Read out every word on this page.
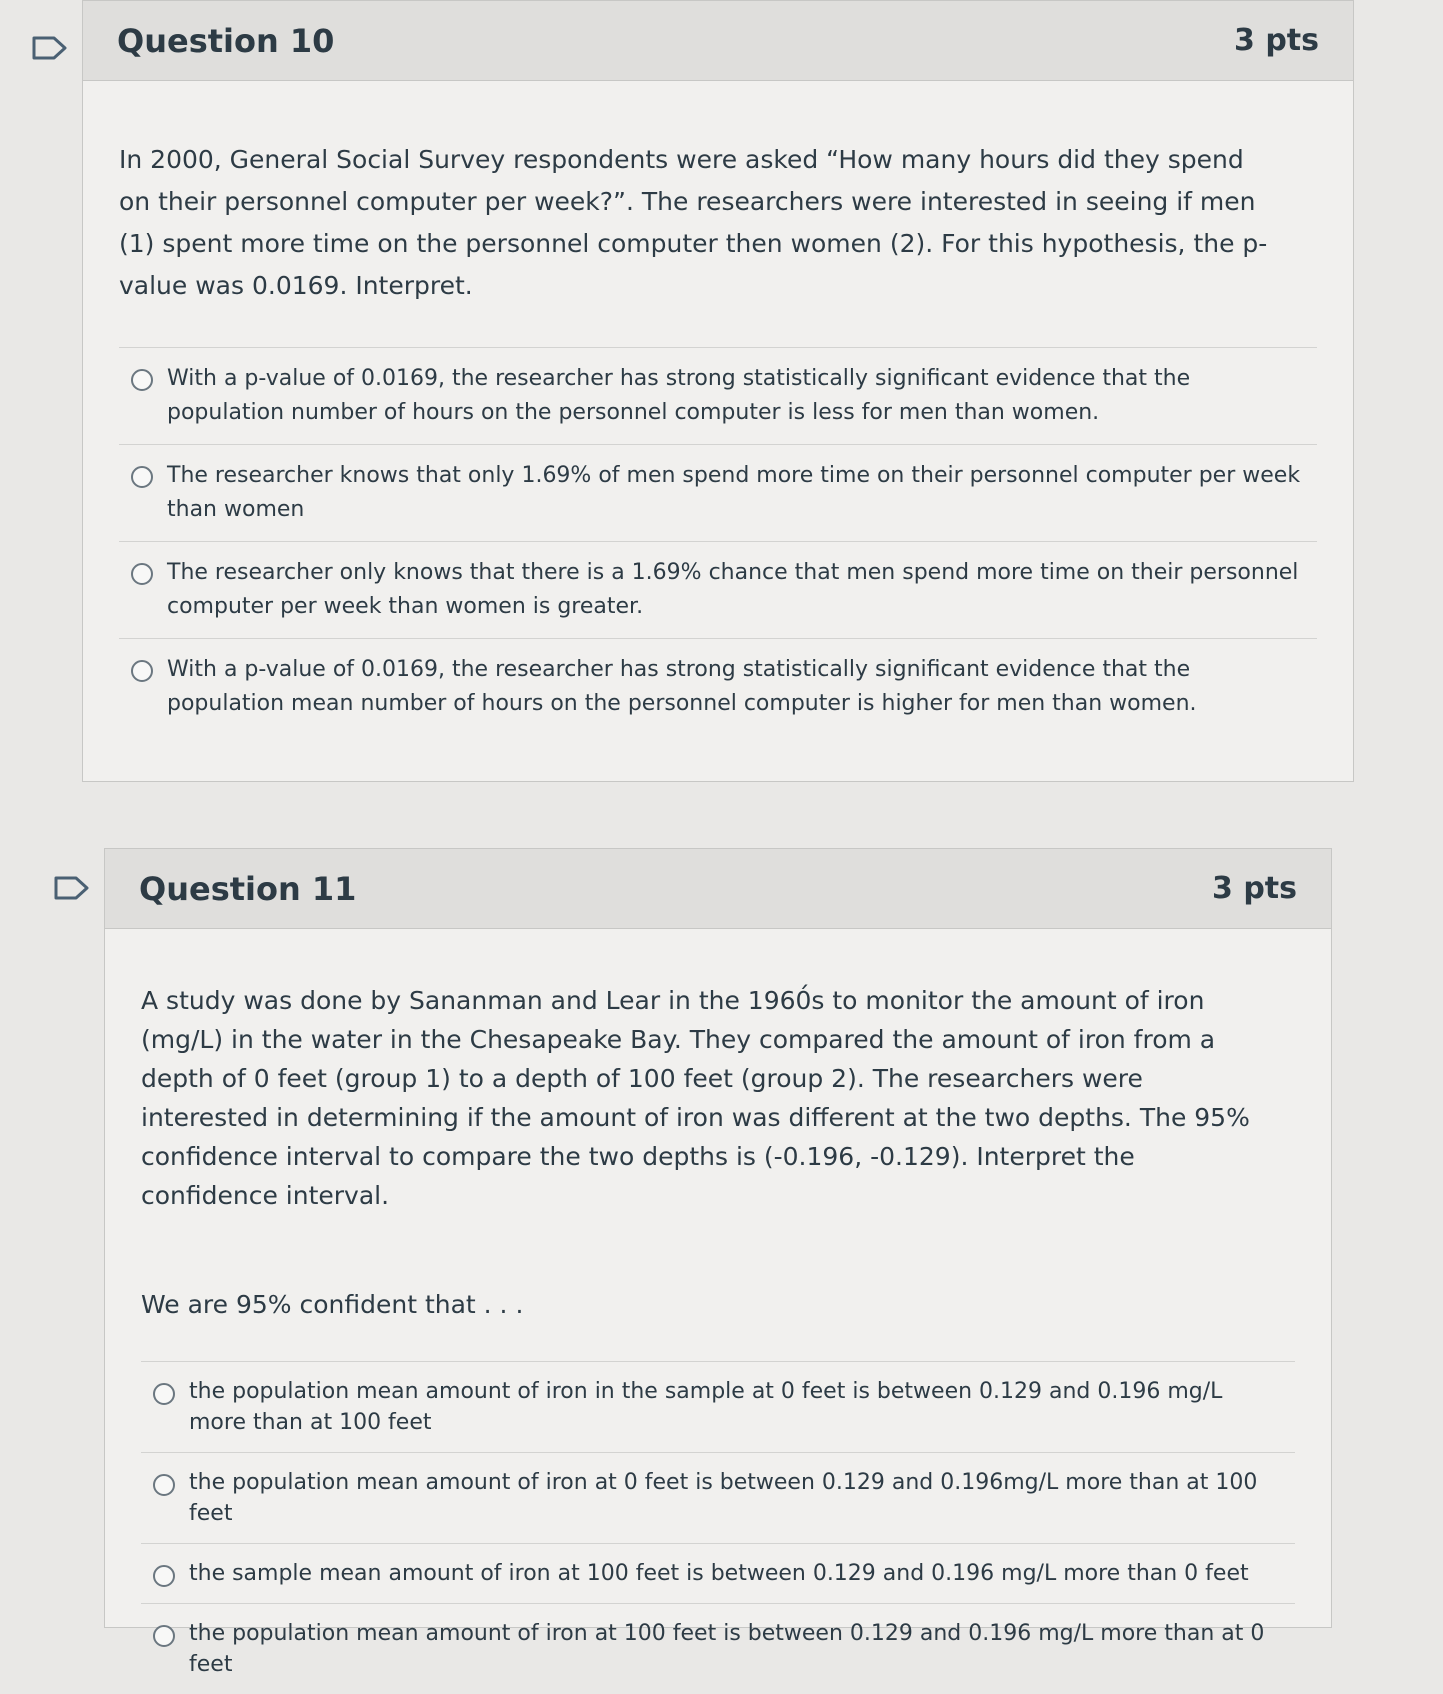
Question 10	3 pts
In 2000, General Social Survey respondents were asked “How many hours did they spend on their personnel computer per week?”. The researchers were interested in seeing if men (1) spent more time on the personnel computer then women (2). For this hypothesis, the p-value was 0.0169. Interpret.
With a p-value of 0.0169, the researcher has strong statistically significant evidence that the population number of hours on the personnel computer is less for men than women.
The researcher knows that only 1.69% of men spend more time on their personnel computer per week than women
The researcher only knows that there is a 1.69% chance that men spend more time on their personnel computer per week than women is greater.
With a p-value of 0.0169, the researcher has strong statistically significant evidence that the population mean number of hours on the personnel computer is higher for men than women.
Question 11	3 pts
A study was done by Sananman and Lear in the 1960́s to monitor the amount of iron (mg/L) in the water in the Chesapeake Bay. They compared the amount of iron from a depth of 0 feet (group 1) to a depth of 100 feet (group 2). The researchers were interested in determining if the amount of iron was different at the two depths. The 95% confidence interval to compare the two depths is (-0.196, -0.129). Interpret the confidence interval.
We are 95% confident that . . .
the population mean amount of iron in the sample at 0 feet is between 0.129 and 0.196 mg/L more than at 100 feet
the population mean amount of iron at 0 feet is between 0.129 and 0.196mg/L more than at 100 feet
the sample mean amount of iron at 100 feet is between 0.129 and 0.196 mg/L more than 0 feet
the population mean amount of iron at 100 feet is between 0.129 and 0.196 mg/L more than at 0 feet
